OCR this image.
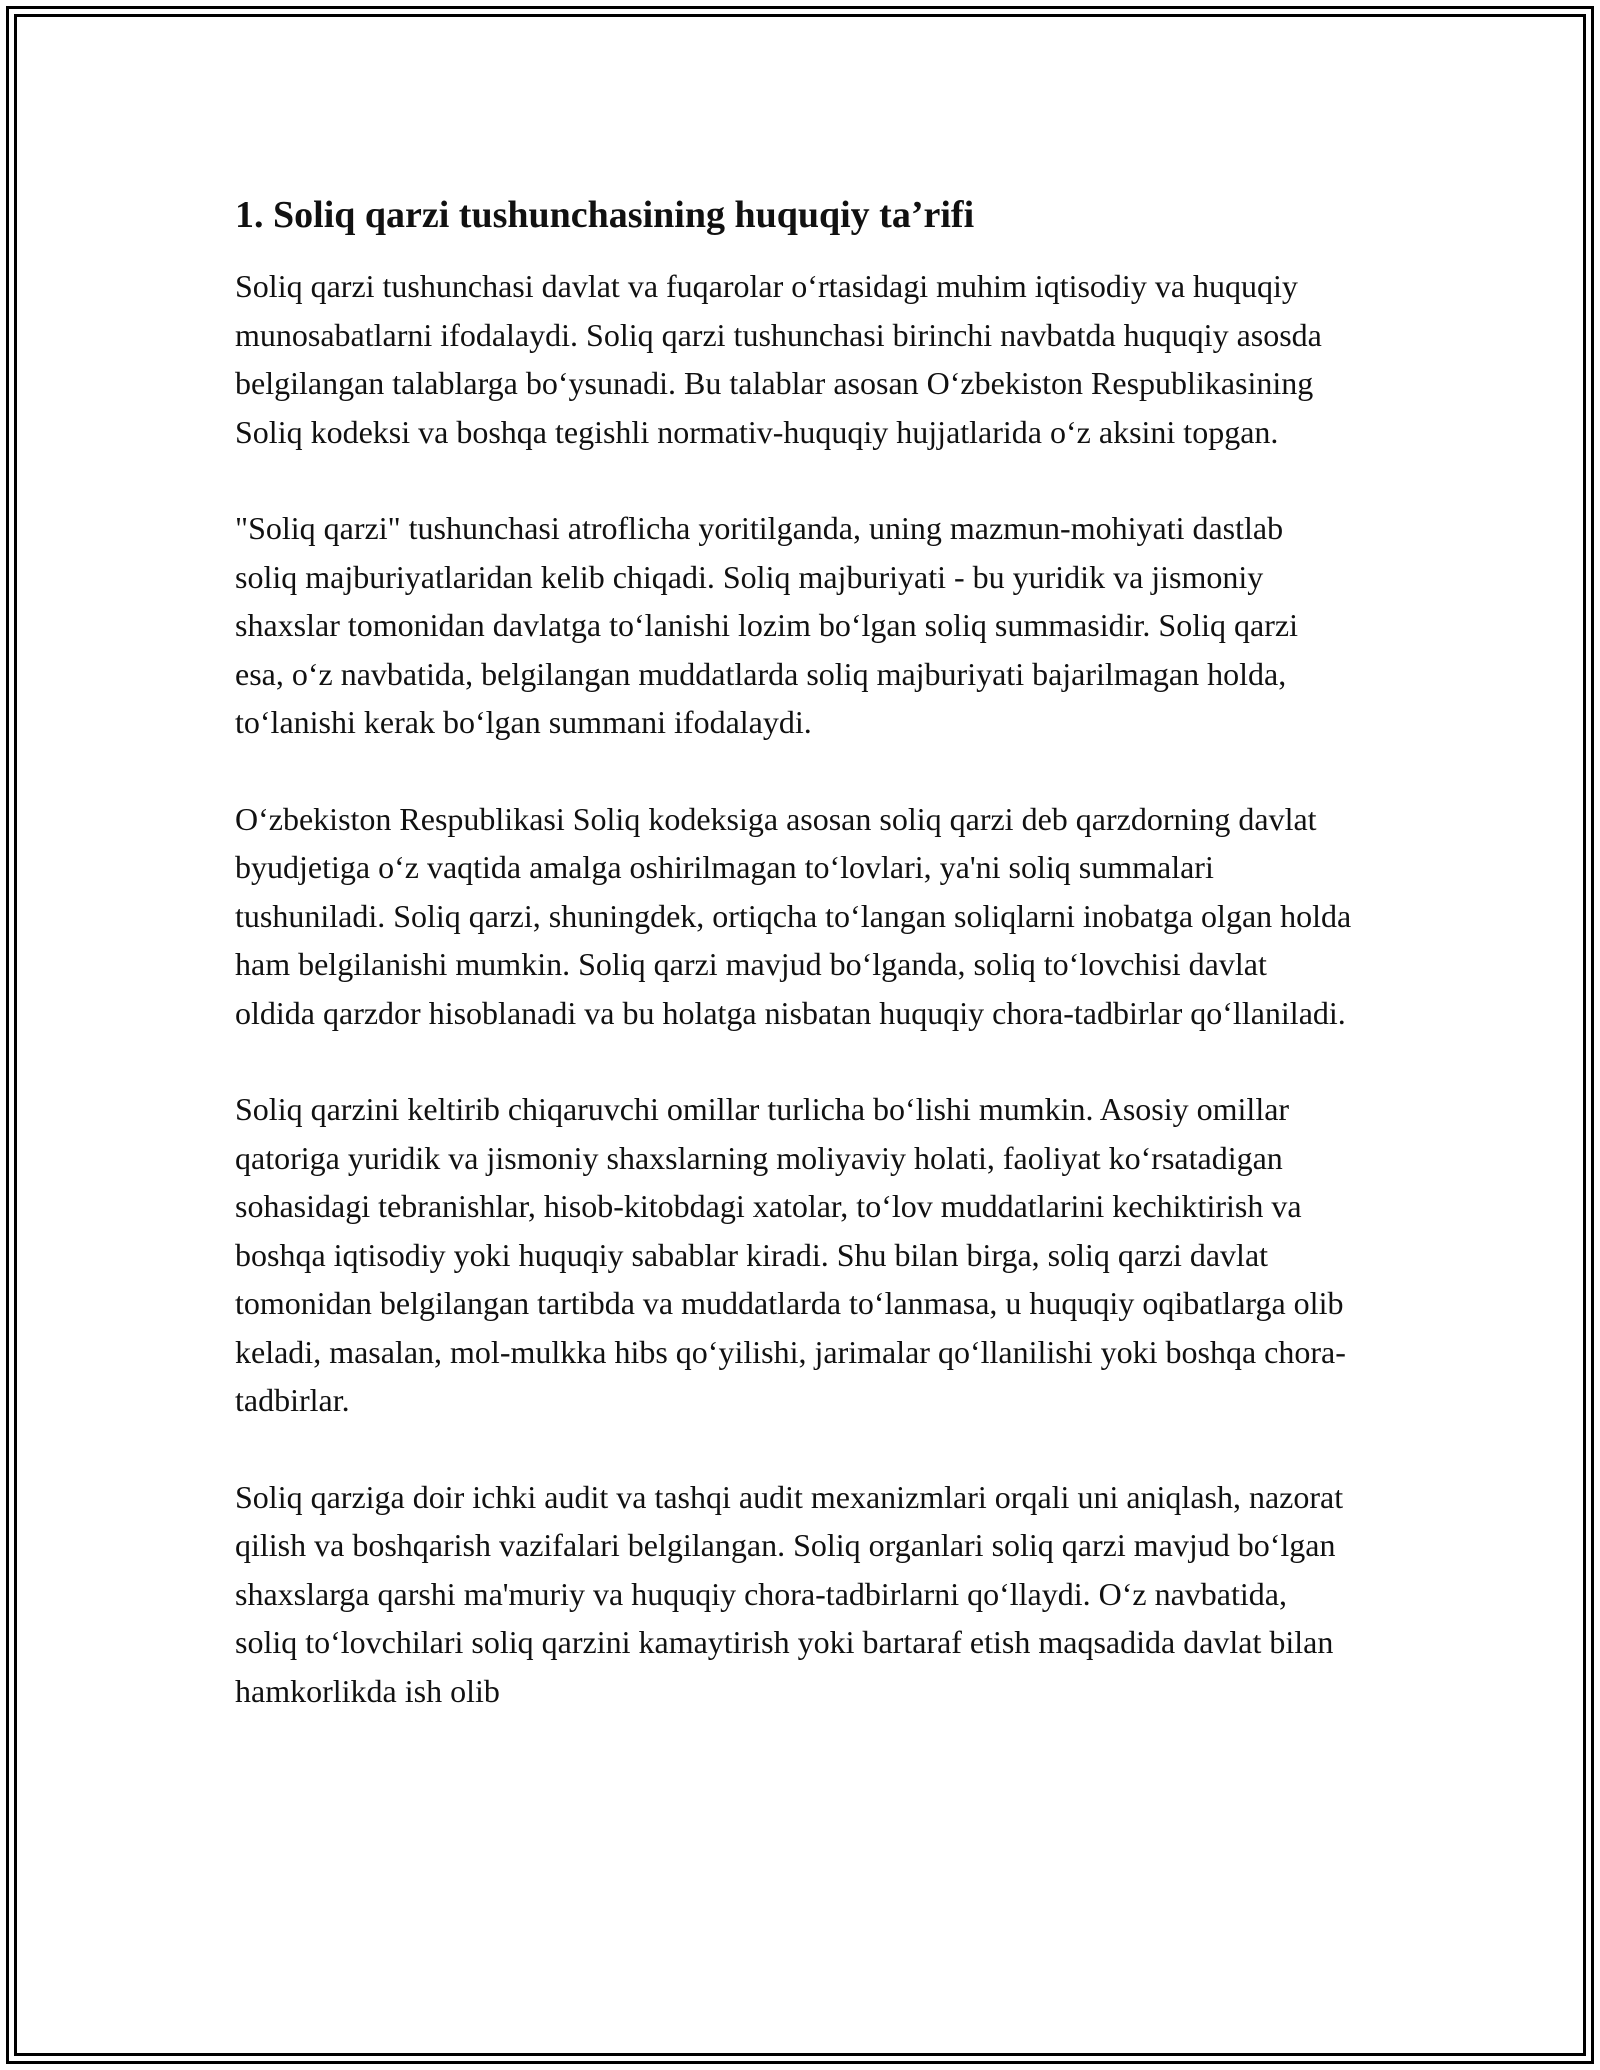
1. Soliq qarzi tushunchasining huquqiy ta’rifi

Soliq qarzi tushunchasi davlat va fuqarolar oʻrtasidagi muhim iqtisodiy va huquqiy munosabatlarni ifodalaydi. Soliq qarzi tushunchasi birinchi navbatda huquqiy asosda belgilangan talablarga boʻysunadi. Bu talablar asosan Oʻzbekiston Respublikasining Soliq kodeksi va boshqa tegishli normativ-huquqiy hujjatlarida oʻz aksini topgan.

"Soliq qarzi" tushunchasi atroflicha yoritilganda, uning mazmun-mohiyati dastlab soliq majburiyatlaridan kelib chiqadi. Soliq majburiyati - bu yuridik va jismoniy shaxslar tomonidan davlatga toʻlanishi lozim boʻlgan soliq summasidir. Soliq qarzi esa, oʻz navbatida, belgilangan muddatlarda soliq majburiyati bajarilmagan holda, toʻlanishi kerak boʻlgan summani ifodalaydi.

Oʻzbekiston Respublikasi Soliq kodeksiga asosan soliq qarzi deb qarzdorning davlat byudjetiga oʻz vaqtida amalga oshirilmagan toʻlovlari, ya'ni soliq summalari tushuniladi. Soliq qarzi, shuningdek, ortiqcha toʻlangan soliqlarni inobatga olgan holda ham belgilanishi mumkin. Soliq qarzi mavjud boʻlganda, soliq toʻlovchisi davlat oldida qarzdor hisoblanadi va bu holatga nisbatan huquqiy chora-tadbirlar qoʻllaniladi.

Soliq qarzini keltirib chiqaruvchi omillar turlicha boʻlishi mumkin. Asosiy omillar qatoriga yuridik va jismoniy shaxslarning moliyaviy holati, faoliyat koʻrsatadigan sohasidagi tebranishlar, hisob-kitobdagi xatolar, toʻlov muddatlarini kechiktirish va boshqa iqtisodiy yoki huquqiy sabablar kiradi. Shu bilan birga, soliq qarzi davlat tomonidan belgilangan tartibda va muddatlarda toʻlanmasa, u huquqiy oqibatlarga olib keladi, masalan, mol-mulkka hibs qoʻyilishi, jarimalar qoʻllanilishi yoki boshqa chora-tadbirlar.

Soliq qarziga doir ichki audit va tashqi audit mexanizmlari orqali uni aniqlash, nazorat qilish va boshqarish vazifalari belgilangan. Soliq organlari soliq qarzi mavjud boʻlgan shaxslarga qarshi ma'muriy va huquqiy chora-tadbirlarni qoʻllaydi. Oʻz navbatida, soliq toʻlovchilari soliq qarzini kamaytirish yoki bartaraf etish maqsadida davlat bilan hamkorlikda ish olib
